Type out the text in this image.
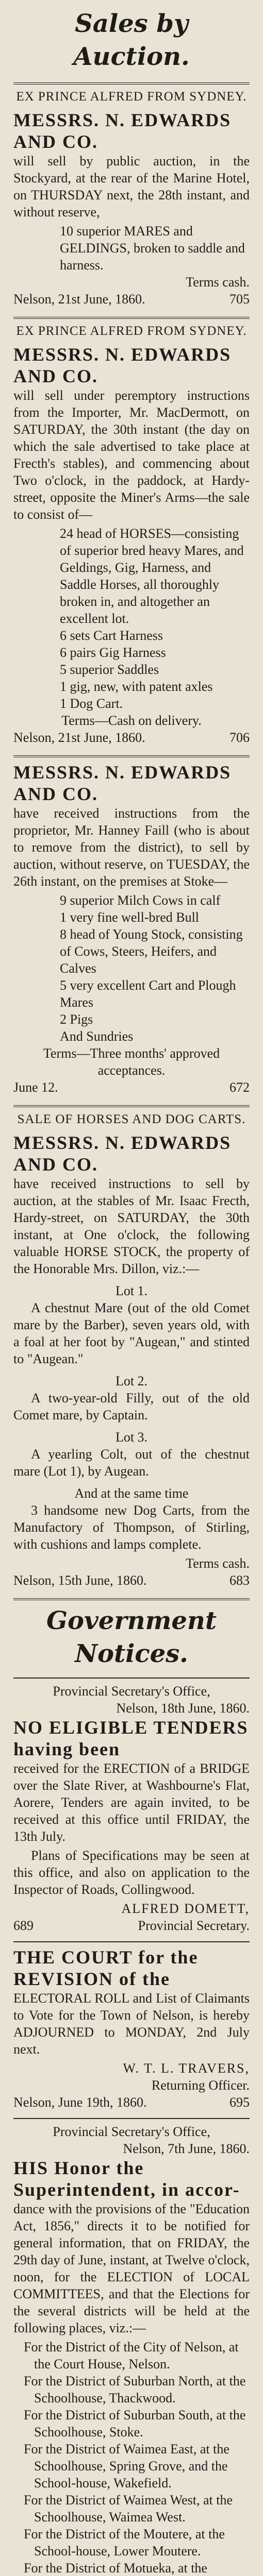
Sales by Auction.
EX PRINCE ALFRED FROM SYDNEY.
MESSRS. N. EDWARDS AND CO.

will sell by public auction, in the Stockyard, at the rear of the Marine Hotel, on THURSDAY next, the 28th instant, and without reserve,

10 superior MARES and GELDINGS, broken to saddle and harness.
Terms cash.
Nelson, 21st June, 1860.	705
EX PRINCE ALFRED FROM SYDNEY.
MESSRS. N. EDWARDS AND CO.

will sell under peremptory instructions from the Importer, Mr. MacDermott, on SATURDAY, the 30th instant (the day on which the sale advertised to take place at Frecth's stables), and commencing about Two o'clock, in the paddock, at Hardy-street, opposite the Miner's Arms—the sale to consist of—

24 head of HORSES—consisting of superior bred heavy Mares, and Geldings, Gig, Harness, and Saddle Horses, all thoroughly broken in, and altogether an excellent lot.
6 sets Cart Harness
6 pairs Gig Harness
5 superior Saddles
1 gig, new, with patent axles
1 Dog Cart.
Terms—Cash on delivery.
Nelson, 21st June, 1860.	706
MESSRS. N. EDWARDS AND CO.

have received instructions from the proprietor, Mr. Hanney Faill (who is about to remove from the district), to sell by auction, without reserve, on TUESDAY, the 26th instant, on the premises at Stoke—

9 superior Milch Cows in calf
1 very fine well-bred Bull
8 head of Young Stock, consisting of Cows, Steers, Heifers, and Calves
5 very excellent Cart and Plough Mares
2 Pigs
And Sundries
Terms—Three months' approved acceptances.
June 12.	672
SALE OF HORSES AND DOG CARTS.
MESSRS. N. EDWARDS AND CO.

have received instructions to sell by auction, at the stables of Mr. Isaac Frecth, Hardy-street, on SATURDAY, the 30th instant, at One o'clock, the following valuable HORSE STOCK, the property of the Honorable Mrs. Dillon, viz.:—

Lot 1.

A chestnut Mare (out of the old Comet mare by the Barber), seven years old, with a foal at her foot by "Augean," and stinted to "Augean."

Lot 2.

A two-year-old Filly, out of the old Comet mare, by Captain.

Lot 3.

A yearling Colt, out of the chestnut mare (Lot 1), by Augean.

And at the same time

3 handsome new Dog Carts, from the Manufactory of Thompson, of Stirling, with cushions and lamps complete.

Terms cash.
Nelson, 15th June, 1860.	683
Government Notices.
Provincial Secretary's Office,
Nelson, 18th June, 1860.
NO ELIGIBLE TENDERS having been

received for the ERECTION of a BRIDGE over the Slate River, at Washbourne's Flat, Aorere, Tenders are again invited, to be received at this office until FRIDAY, the 13th July.

Plans of Specifications may be seen at this office, and also on application to the Inspector of Roads, Collingwood.

ALFRED DOMETT,
689	Provincial Secretary.
THE COURT for the REVISION of the

ELECTORAL ROLL and List of Claimants to Vote for the Town of Nelson, is hereby ADJOURNED to MONDAY, 2nd July next.

W. T. L. TRAVERS,
Returning Officer.
Nelson, June 19th, 1860.	695
Provincial Secretary's Office,
Nelson, 7th June, 1860.
HIS Honor the Superintendent, in accor-

dance with the provisions of the "Education Act, 1856," directs it to be notified for general information, that on FRIDAY, the 29th day of June, instant, at Twelve o'clock, noon, for the ELECTION of LOCAL COMMITTEES, and that the Elections for the several districts will be held at the following places, viz.:—

For the District of the City of Nelson, at the Court House, Nelson.
For the District of Suburban North, at the Schoolhouse, Thackwood.
For the District of Suburban South, at the Schoolhouse, Stoke.
For the District of Waimea East, at the Schoolhouse, Spring Grove, and the School-house, Wakefield.
For the District of Waimea West, at the Schoolhouse, Waimea West.
For the District of the Moutere, at the School-house, Lower Moutere.
For the District of Motueka, at the
